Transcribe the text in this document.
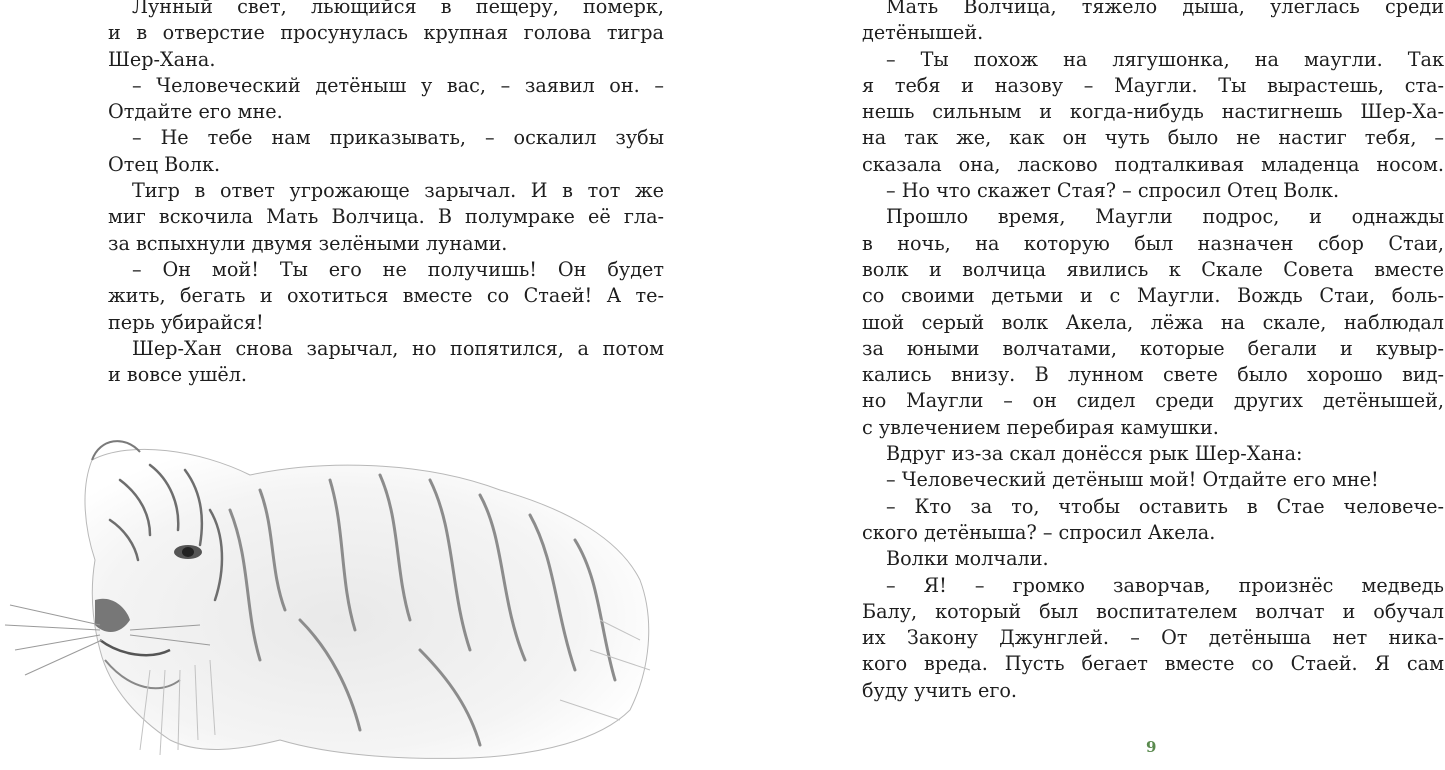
Лунный свет, льющийся в пещеру, померк,
и в отверстие просунулась крупная голова тигра
Шер-Хана.
– Человеческий детёныш у вас, – заявил он. –
Отдайте его мне.
– Не тебе нам приказывать, – оскалил зубы
Отец Волк.
Тигр в ответ угрожающе зарычал. И в тот же
миг вскочила Мать Волчица. В полумраке её гла-
за вспыхнули двумя зелёными лунами.
– Он мой! Ты его не получишь! Он будет
жить, бегать и охотиться вместе со Стаей! А те-
перь убирайся!
Шер-Хан снова зарычал, но попятился, а потом
и вовсе ушёл.
Мать Волчица, тяжело дыша, улеглась среди
детёнышей.
– Ты похож на лягушонка, на маугли. Так
я тебя и назову – Маугли. Ты вырастешь, ста-
нешь сильным и когда-нибудь настигнешь Шер-Ха-
на так же, как он чуть было не настиг тебя, –
сказала она, ласково подталкивая младенца носом.
– Но что скажет Стая? – спросил Отец Волк.
Прошло время, Маугли подрос, и однажды
в ночь, на которую был назначен сбор Стаи,
волк и волчица явились к Скале Совета вместе
со своими детьми и с Маугли. Вождь Стаи, боль-
шой серый волк Акела, лёжа на скале, наблюдал
за юными волчатами, которые бегали и кувыр-
кались внизу. В лунном свете было хорошо вид-
но Маугли – он сидел среди других детёнышей,
с увлечением перебирая камушки.
Вдруг из-за скал донёсся рык Шер-Хана:
– Человеческий детёныш мой! Отдайте его мне!
– Кто за то, чтобы оставить в Стае человече-
ского детёныша? – спросил Акела.
Волки молчали.
– Я! – громко заворчав, произнёс медведь
Балу, который был воспитателем волчат и обучал
их Закону Джунглей. – От детёныша нет ника-
кого вреда. Пусть бегает вместе со Стаей. Я сам
буду учить его.
9
